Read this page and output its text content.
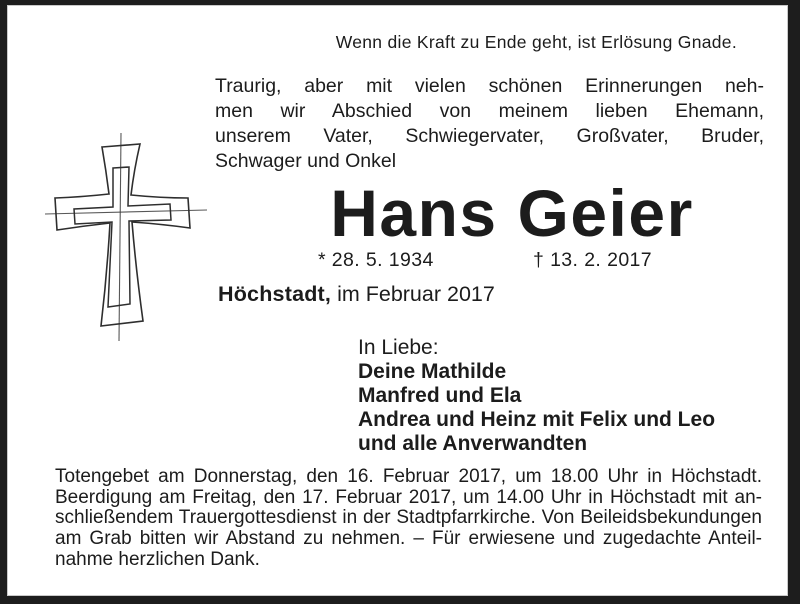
Wenn die Kraft zu Ende geht, ist Erlösung Gnade.
Traurig, aber mit vielen schönen Erinnerungen neh-
men wir Abschied von meinem lieben Ehemann,
unserem Vater, Schwiegervater, Großvater, Bruder,
Schwager und Onkel
Hans Geier
* 28. 5. 1934	† 13. 2. 2017
Höchstadt, im Februar 2017
In Liebe:
Deine Mathilde
Manfred und Ela
Andrea und Heinz mit Felix und Leo
und alle Anverwandten
Totengebet am Donnerstag, den 16. Februar 2017, um 18.00 Uhr in Höchstadt.
Beerdigung am Freitag, den 17. Februar 2017, um 14.00 Uhr in Höchstadt mit an-
schließendem Trauergottesdienst in der Stadtpfarrkirche. Von Beileidsbekundungen
am Grab bitten wir Abstand zu nehmen. – Für erwiesene und zugedachte Anteil-
nahme herzlichen Dank.
